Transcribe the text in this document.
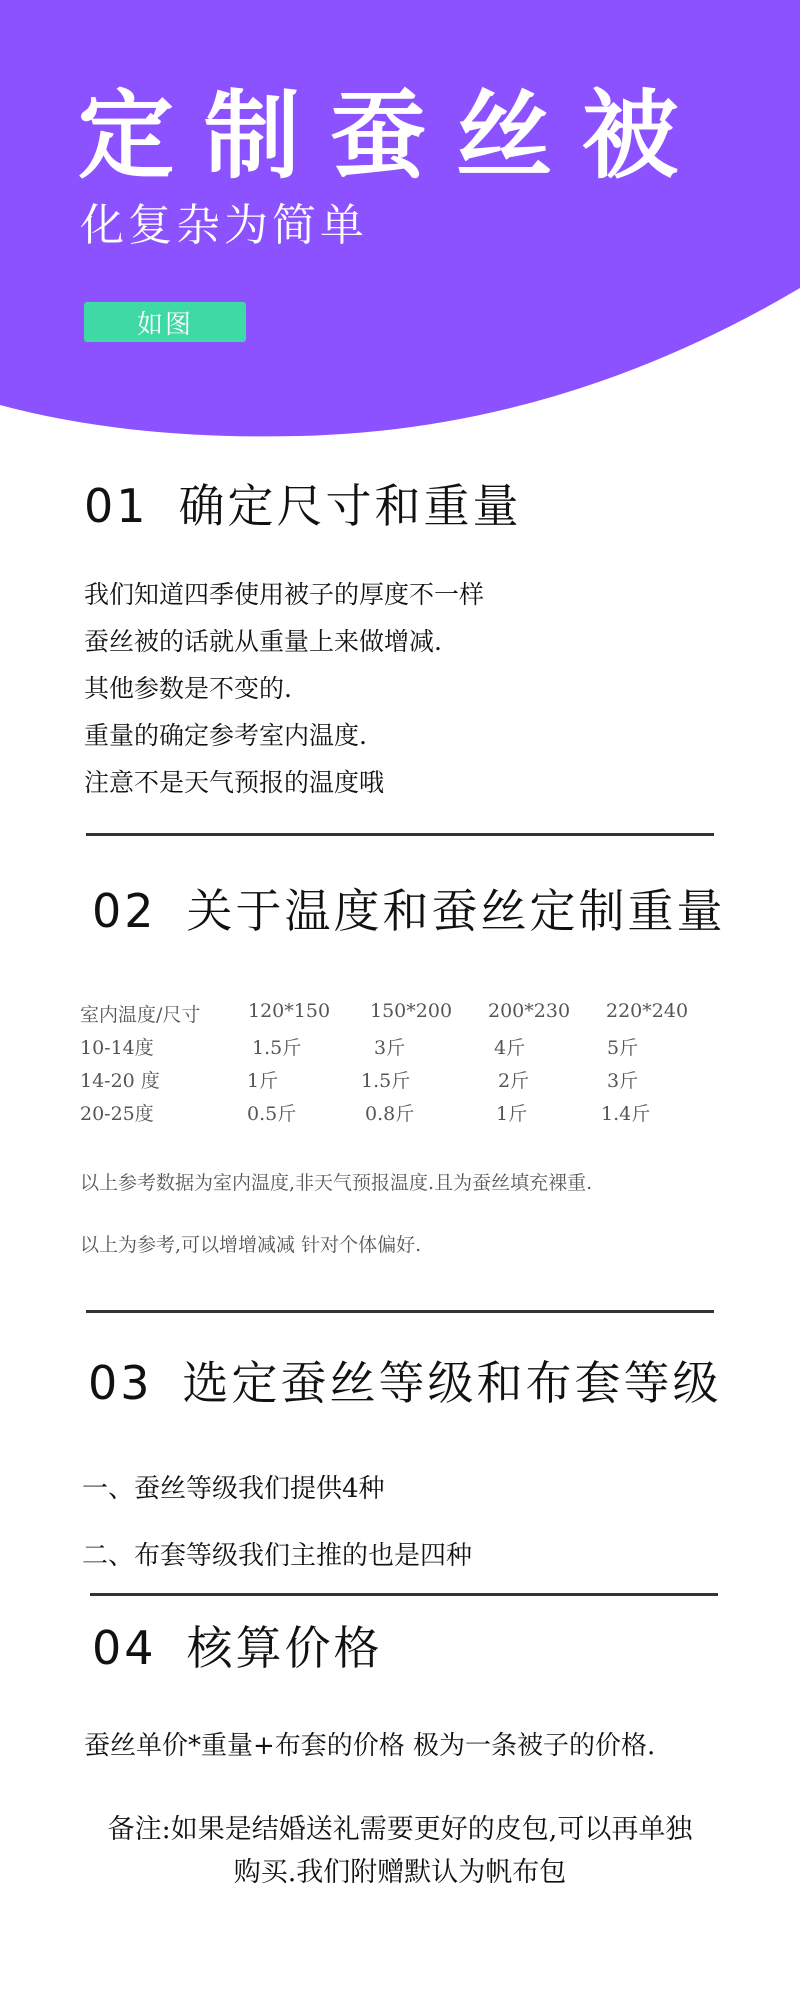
定制蚕丝被
化复杂为简单
如图
01 确定尺寸和重量
我们知道四季使用被子的厚度不一样
蚕丝被的话就从重量上来做增减.
其他参数是不变的.
重量的确定参考室内温度.
注意不是天气预报的温度哦
02 关于温度和蚕丝定制重量
室内温度/尺寸	120*150 150*200 200*230 220*240
10-14度	1.5斤	3斤	4斤	5斤
14-20 度	1斤	1.5斤	2斤	3斤
20-25度	0.5斤	0.8斤	1斤	1.4斤
以上参考数据为室内温度,非天气预报温度.且为蚕丝填充裸重.
以上为参考,可以增增减减 针对个体偏好.
03 选定蚕丝等级和布套等级
一、蚕丝等级我们提供4种
二、布套等级我们主推的也是四种
04 核算价格
蚕丝单价*重量+布套的价格 极为一条被子的价格.
备注:如果是结婚送礼需要更好的皮包,可以再单独
购买.我们附赠默认为帆布包
